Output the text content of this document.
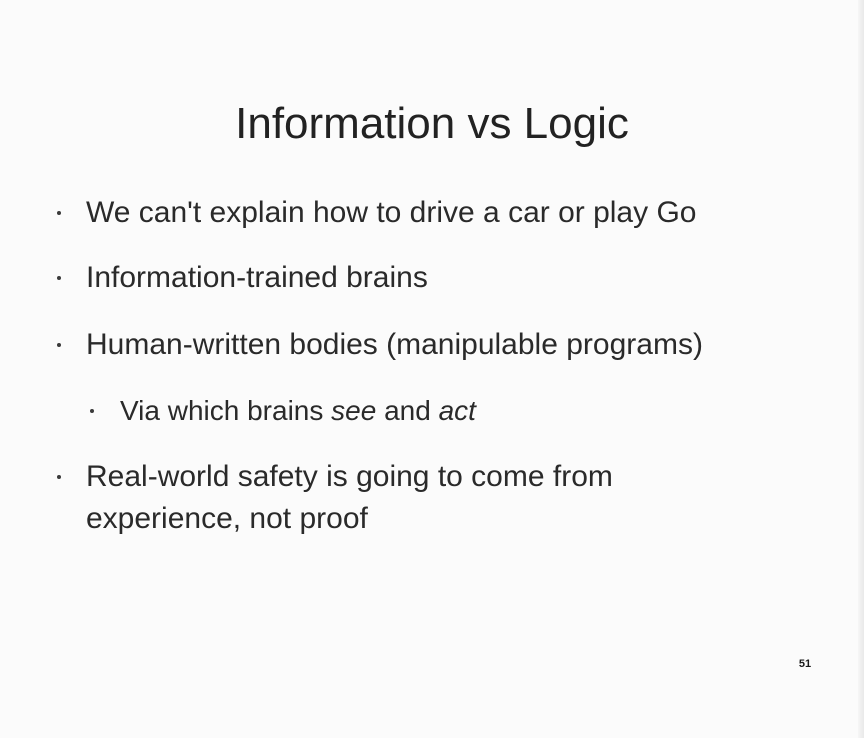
Information vs Logic
We can't explain how to drive a car or play Go
Information-trained brains
Human-written bodies (manipulable programs)
Via which brains see and act
Real-world safety is going to come from
experience, not proof
51
